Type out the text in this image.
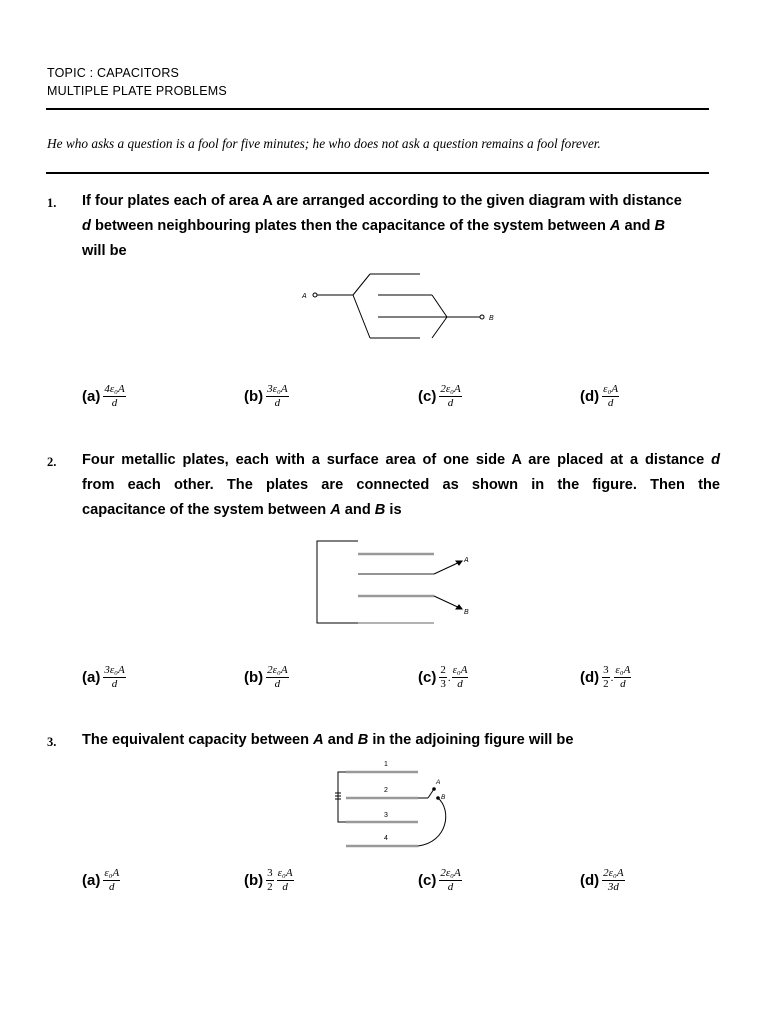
TOPIC : CAPACITORS
MULTIPLE PLATE PROBLEMS
He who asks a question is a fool for five minutes; he who does not ask a question remains a fool forever.
1. If four plates each of area A are arranged according to the given diagram with distance
d between neighbouring plates then the capacitance of the system between A and B
will be
A
B
$(a) \frac{\text{4ε₀A}}{d}$	$(b) \frac{\text{3ε₀A}}{d}$	$(c) \frac{\text{2ε₀A}}{d}$	$(d) \frac{\text{ε₀A}}{d}$
2. Four metallic plates, each with a surface area of one side A are placed at a distance d
from each other. The plates are connected as shown in the figure. Then the
capacitance of the system between A and B is
A
B
$(a) \frac{\text{3ε₀A}}{d}$	$(b) \frac{\text{2ε₀A}}{d}$	$(c) \frac{2}{3}$ . $\frac{\text{ε₀A}}{d}$	$(d) \frac{3}{2}$ . $\frac{\text{ε₀A}}{d}$
3. The equivalent capacity between A and B in the adjoining figure will be
1
2
3
4
A
B
$(a) \frac{\text{ε₀A}}{d}$	$(b) \frac{3}{2} \frac{\text{ε₀A}}{d}$	$(c) \frac{\text{2ε₀A}}{d}$	$(d) \frac{\text{2ε₀A}}{3d}$
